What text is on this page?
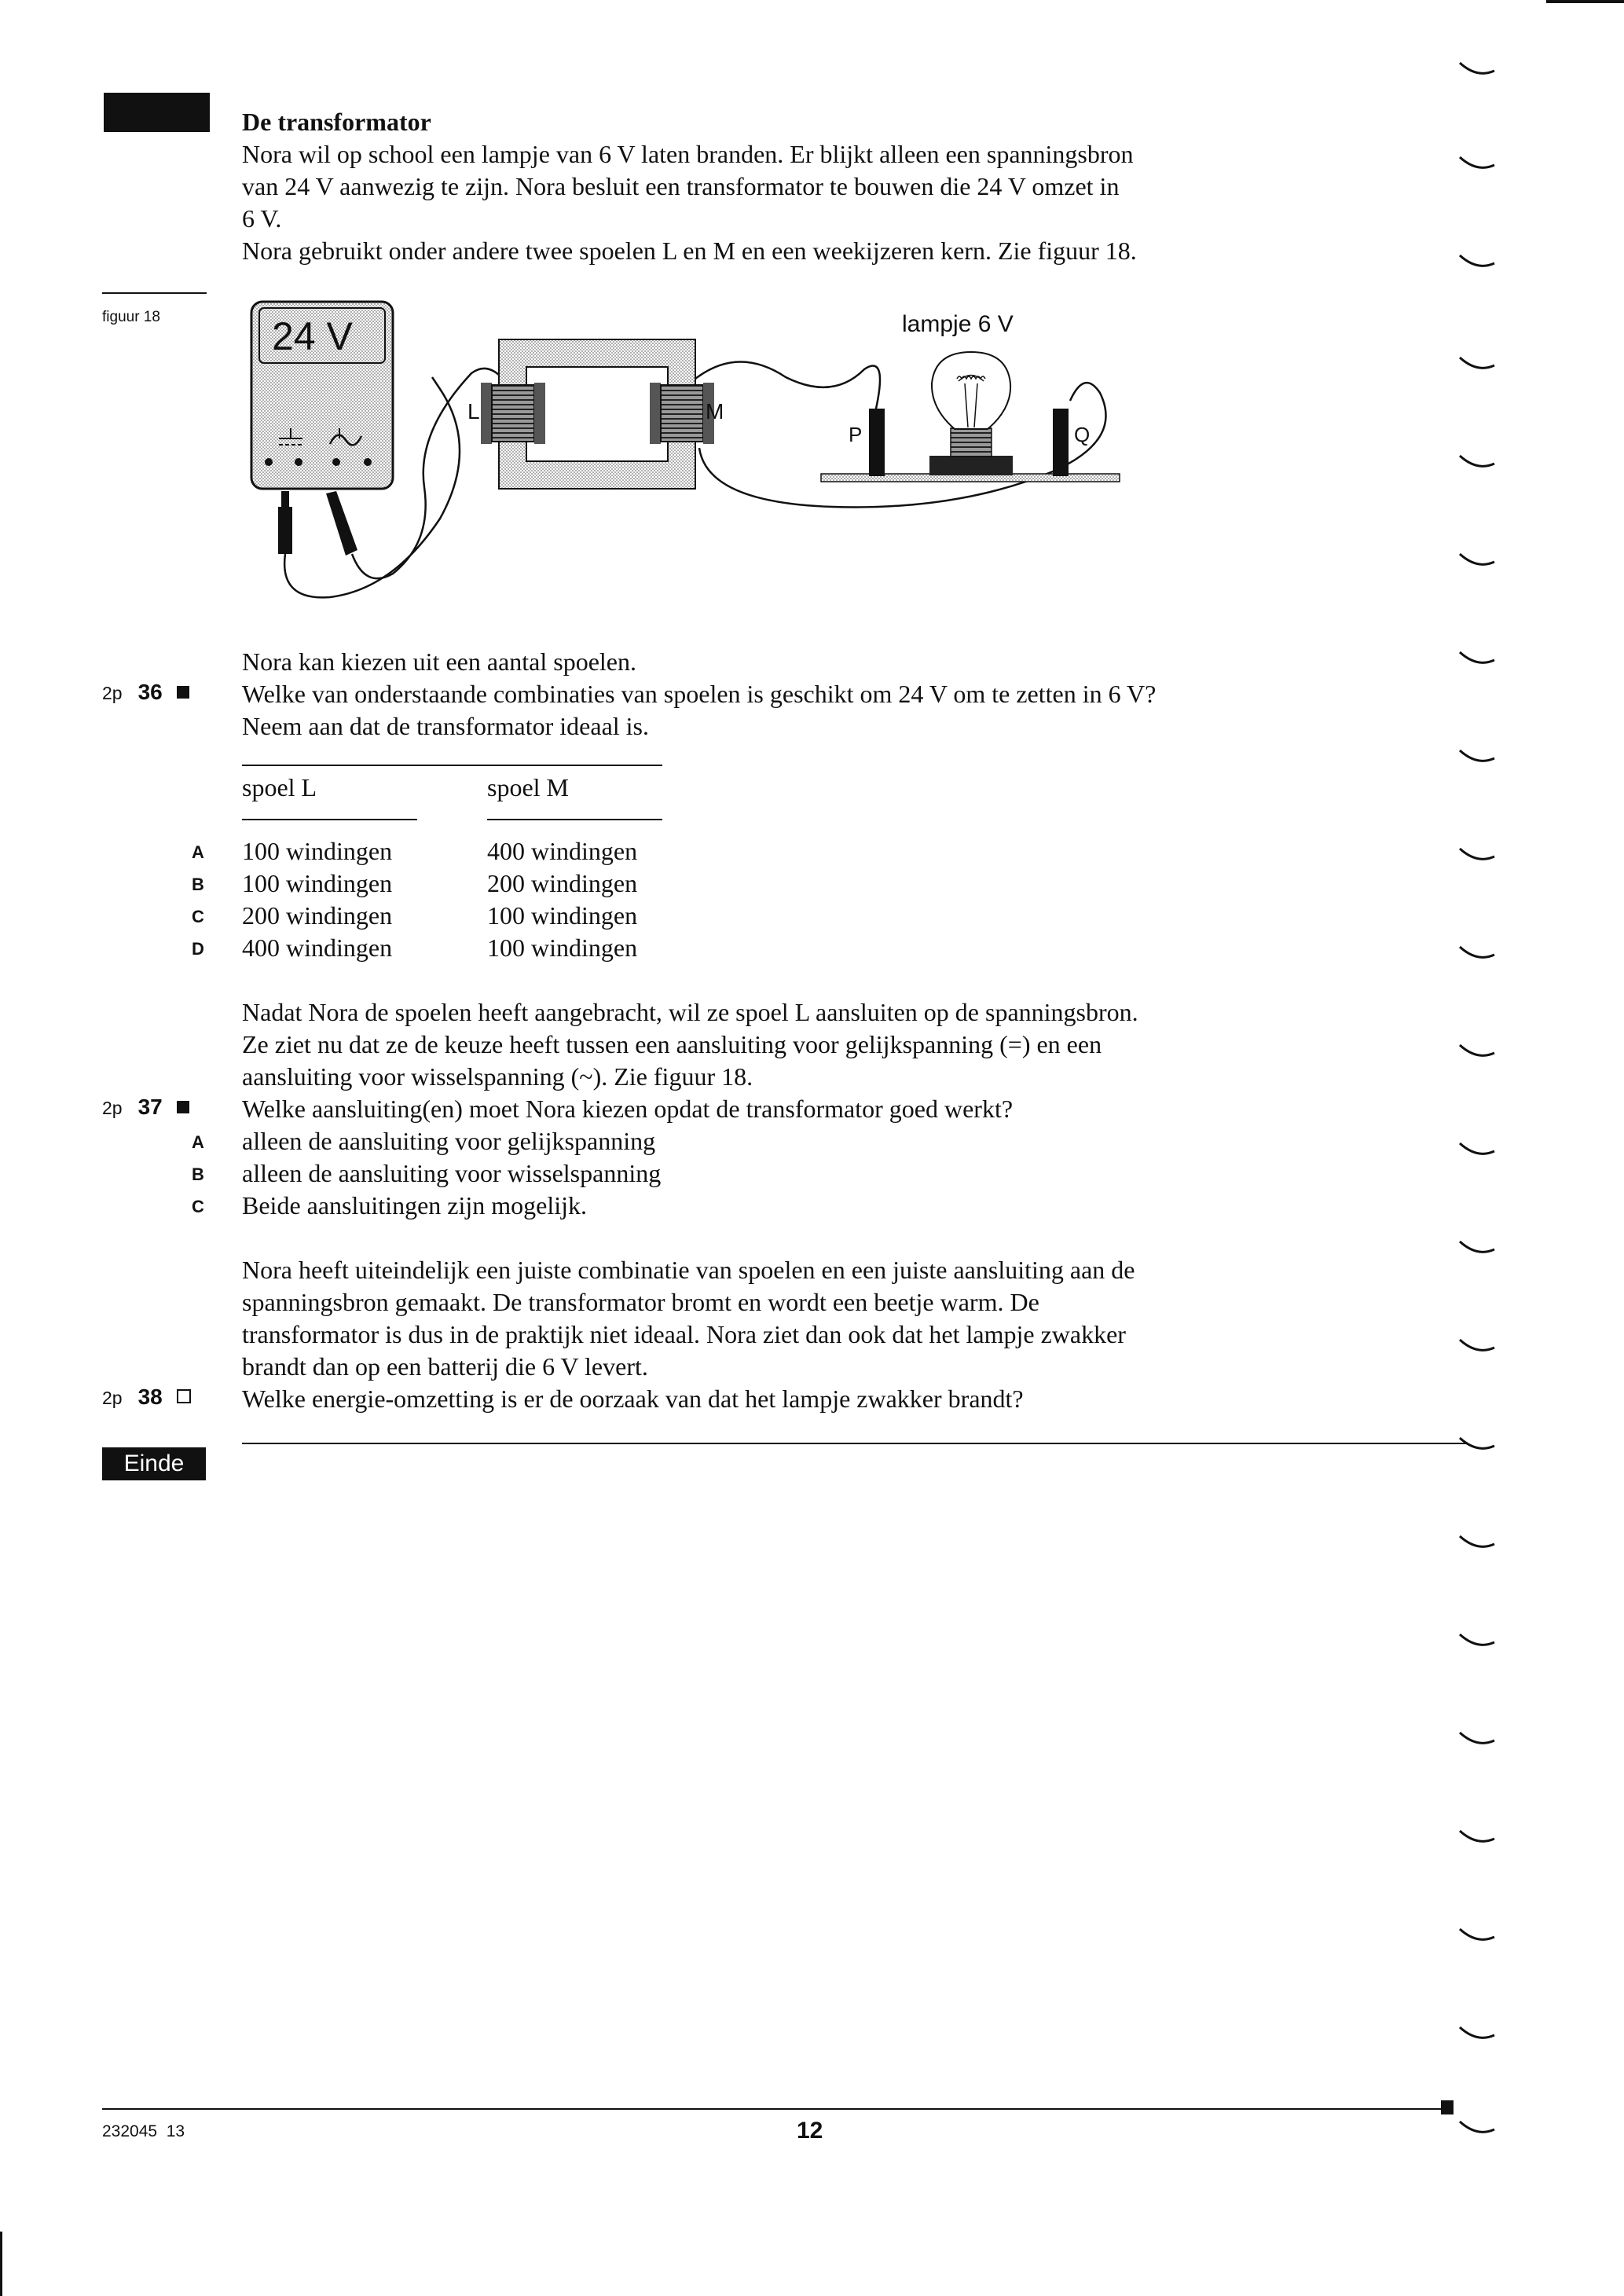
De transformator
Nora wil op school een lampje van 6 V laten branden. Er blijkt alleen een spanningsbron
van 24 V aanwezig te zijn. Nora besluit een transformator te bouwen die 24 V omzet in
6 V.
Nora gebruikt onder andere twee spoelen L en M en een weekijzeren kern. Zie figuur 18.
figuur 18	24 V
L	M
P	Q
lampje 6 V
Nora kan kiezen uit een aantal spoelen.
2p 36	Welke van onderstaande combinaties van spoelen is geschikt om 24 V om te zetten in 6 V?
Neem aan dat de transformator ideaal is.
spoel L	spoel M
A	100 windingen	400 windingen
B	100 windingen	200 windingen
C	200 windingen	100 windingen
D	400 windingen	100 windingen
Nadat Nora de spoelen heeft aangebracht, wil ze spoel L aansluiten op de spanningsbron.
Ze ziet nu dat ze de keuze heeft tussen een aansluiting voor gelijkspanning (=) en een
aansluiting voor wisselspanning (~). Zie figuur 18.
2p 37	Welke aansluiting(en) moet Nora kiezen opdat de transformator goed werkt?
A	alleen de aansluiting voor gelijkspanning
B	alleen de aansluiting voor wisselspanning
C	Beide aansluitingen zijn mogelijk.
Nora heeft uiteindelijk een juiste combinatie van spoelen en een juiste aansluiting aan de
spanningsbron gemaakt. De transformator bromt en wordt een beetje warm. De
transformator is dus in de praktijk niet ideaal. Nora ziet dan ook dat het lampje zwakker
brandt dan op een batterij die 6 V levert.
2p 38	Welke energie-omzetting is er de oorzaak van dat het lampje zwakker brandt?
Einde
232045  13	12
